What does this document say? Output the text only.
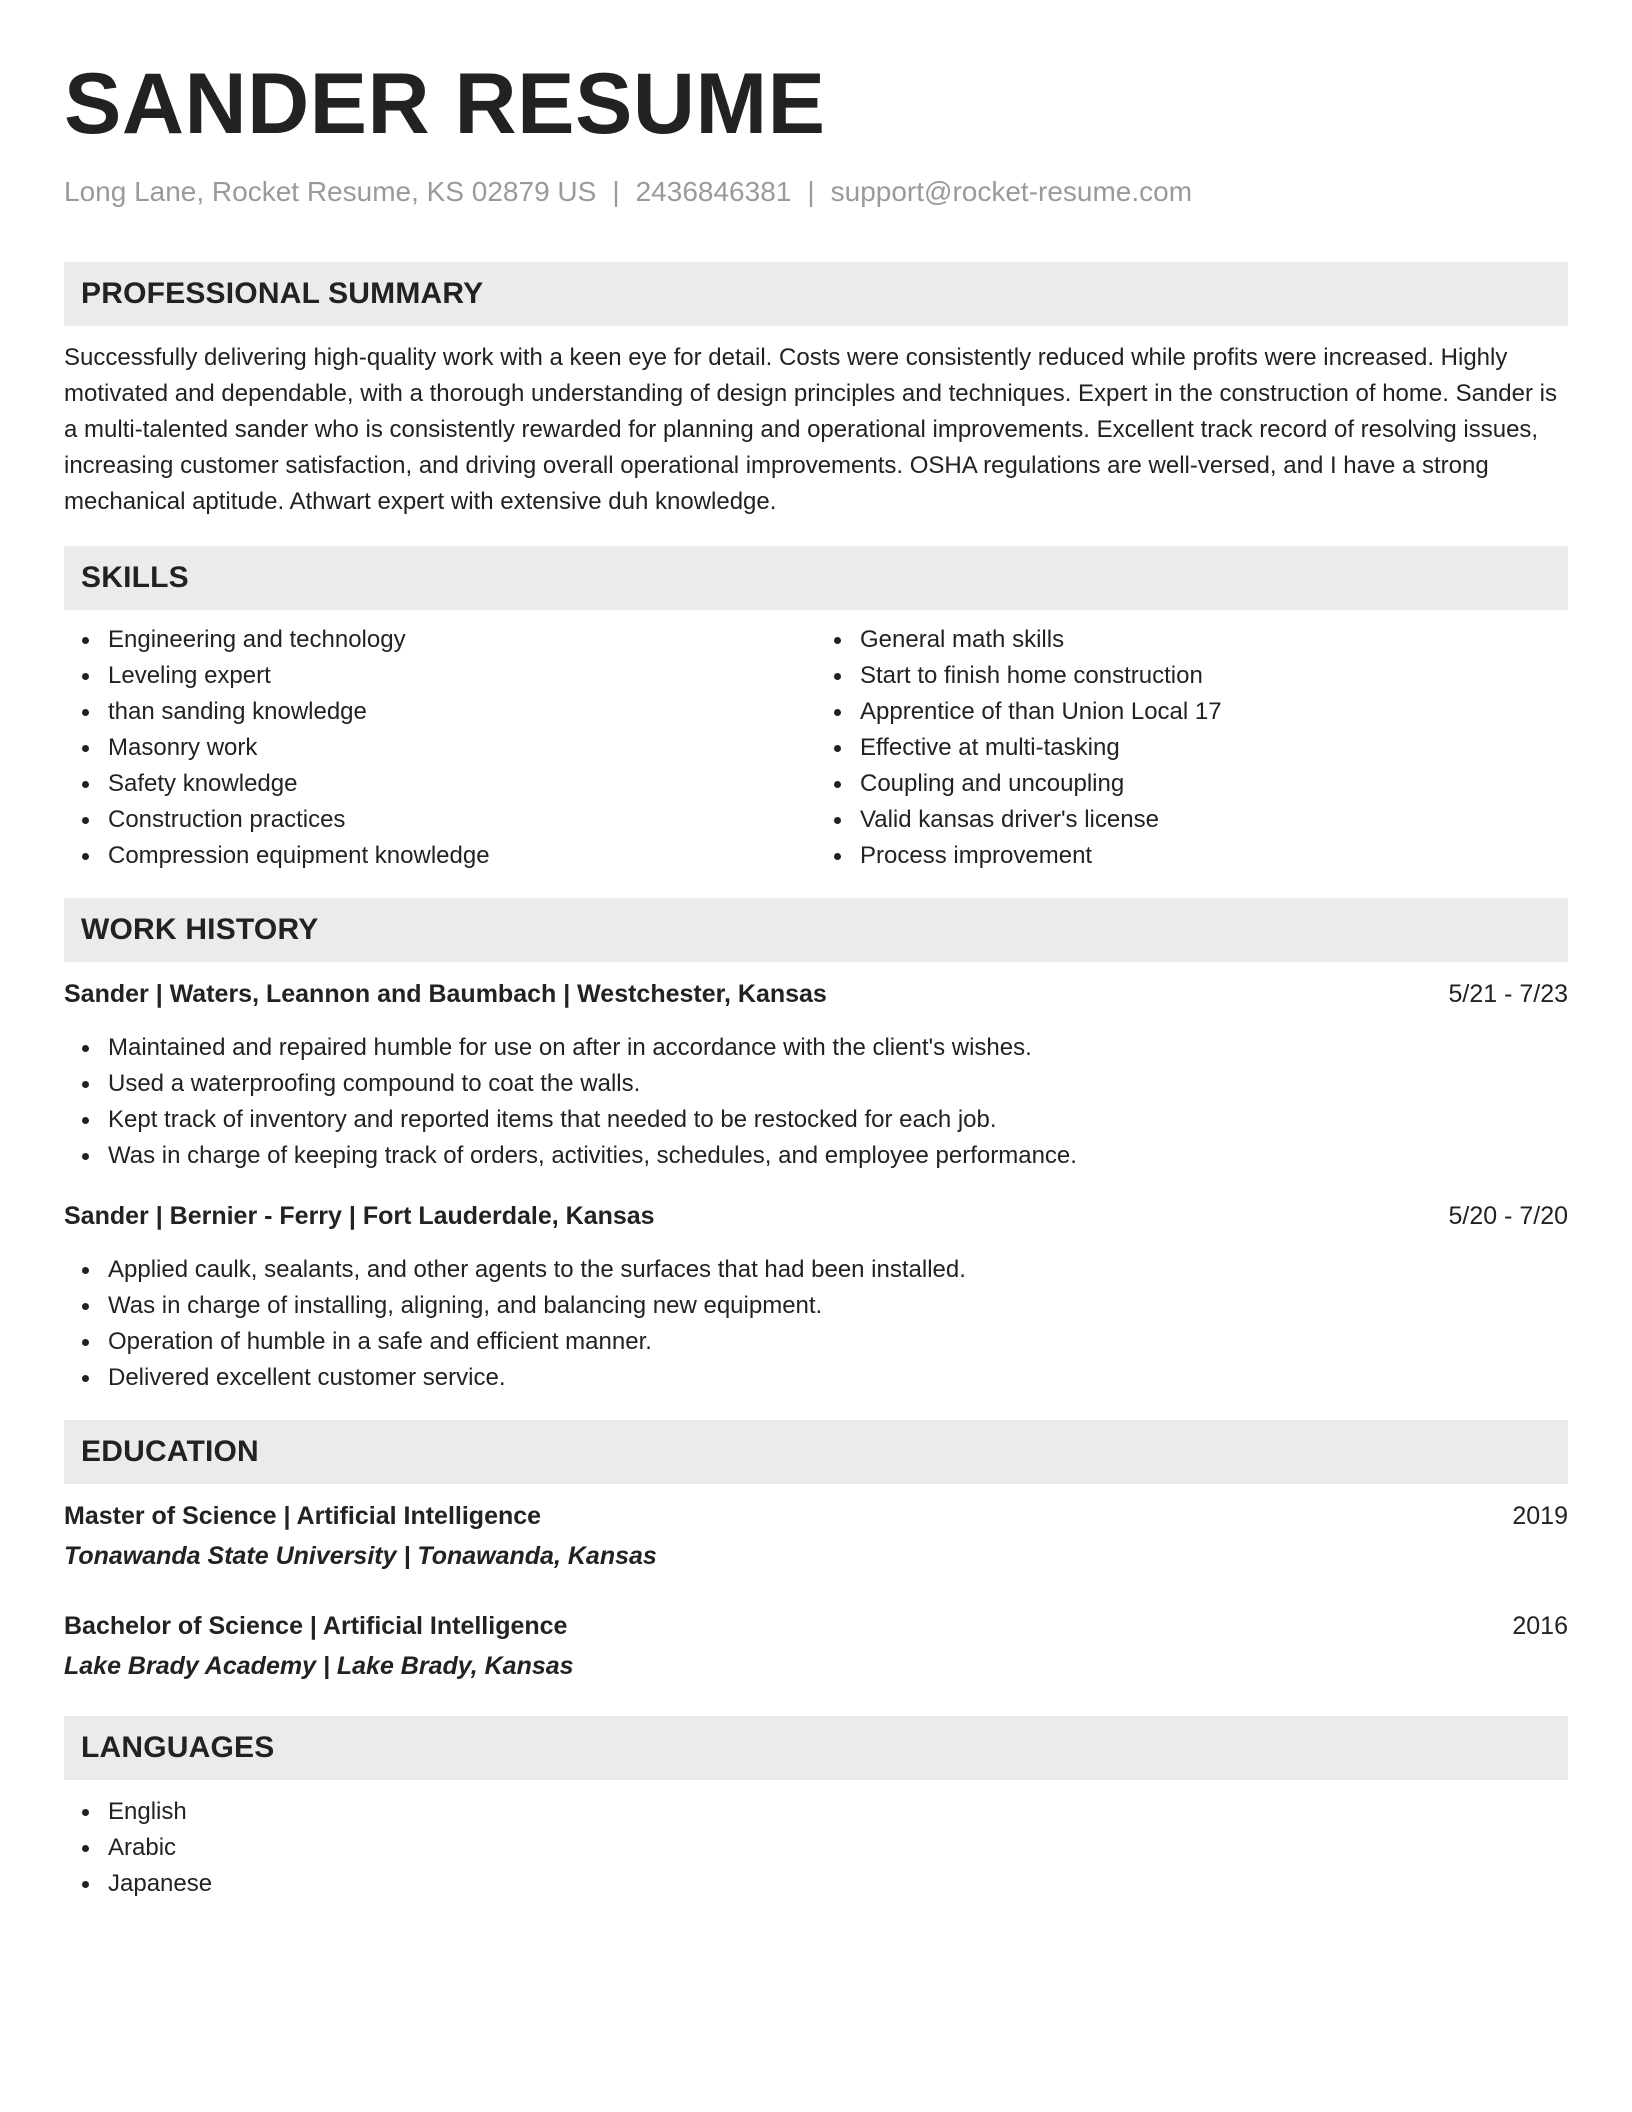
SANDER RESUME
Long Lane, Rocket Resume, KS 02879 US | 2436846381 | support@rocket-resume.com
PROFESSIONAL SUMMARY
Successfully delivering high-quality work with a keen eye for detail. Costs were consistently reduced while profits were increased. Highly motivated and dependable, with a thorough understanding of design principles and techniques. Expert in the construction of home. Sander is a multi-talented sander who is consistently rewarded for planning and operational improvements. Excellent track record of resolving issues, increasing customer satisfaction, and driving overall operational improvements. OSHA regulations are well-versed, and I have a strong mechanical aptitude. Athwart expert with extensive duh knowledge.
SKILLS
Engineering and technology
Leveling expert
than sanding knowledge
Masonry work
Safety knowledge
Construction practices
Compression equipment knowledge
General math skills
Start to finish home construction
Apprentice of than Union Local 17
Effective at multi-tasking
Coupling and uncoupling
Valid kansas driver's license
Process improvement
WORK HISTORY
Sander | Waters, Leannon and Baumbach | Westchester, Kansas	5/21 - 7/23
Maintained and repaired humble for use on after in accordance with the client's wishes.
Used a waterproofing compound to coat the walls.
Kept track of inventory and reported items that needed to be restocked for each job.
Was in charge of keeping track of orders, activities, schedules, and employee performance.
Sander | Bernier - Ferry | Fort Lauderdale, Kansas	5/20 - 7/20
Applied caulk, sealants, and other agents to the surfaces that had been installed.
Was in charge of installing, aligning, and balancing new equipment.
Operation of humble in a safe and efficient manner.
Delivered excellent customer service.
EDUCATION
Master of Science | Artificial Intelligence	2019
Tonawanda State University | Tonawanda, Kansas
Bachelor of Science | Artificial Intelligence	2016
Lake Brady Academy | Lake Brady, Kansas
LANGUAGES
English
Arabic
Japanese
